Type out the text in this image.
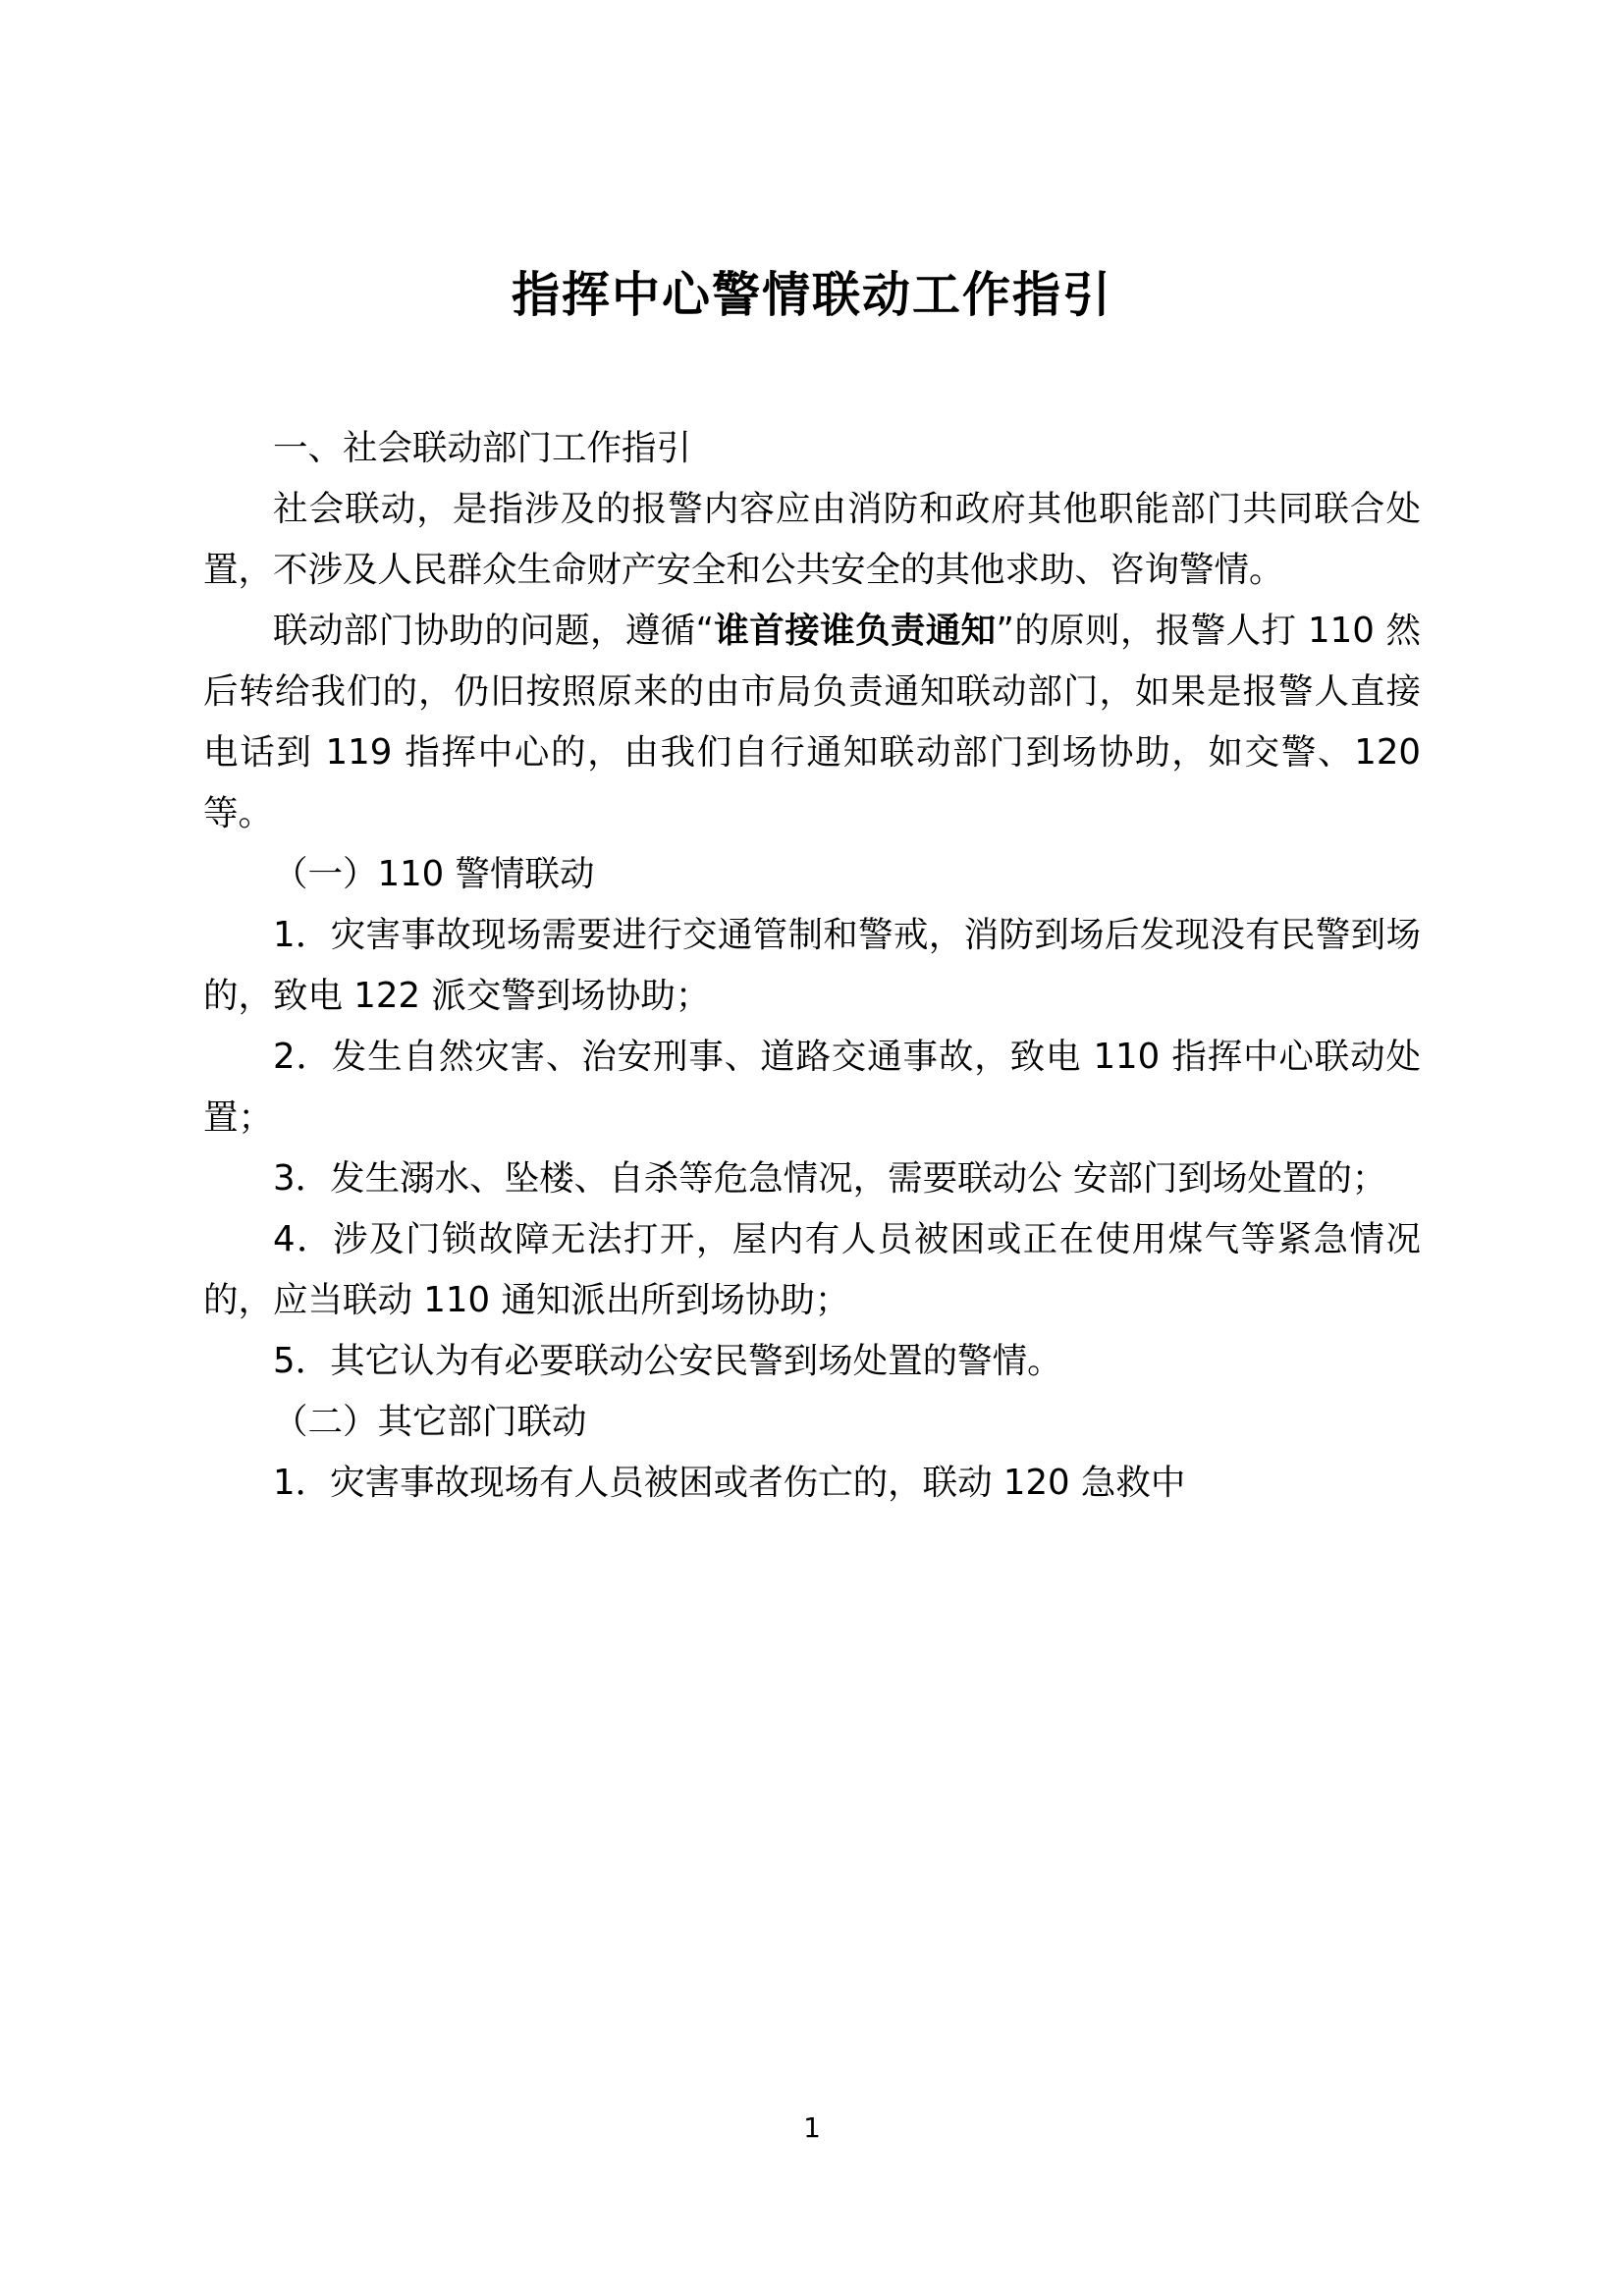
指挥中心警情联动工作指引

一、社会联动部门工作指引

社会联动，是指涉及的报警内容应由消防和政府其他职能部门共同联合处置，不涉及人民群众生命财产安全和公共安全的其他求助、咨询警情。

联动部门协助的问题，遵循“谁首接谁负责通知”的原则，报警人打 110 然后转给我们的，仍旧按照原来的由市局负责通知联动部门，如果是报警人直接电话到 119 指挥中心的，由我们自行通知联动部门到场协助，如交警、120 等。

（一）110 警情联动

1．灾害事故现场需要进行交通管制和警戒，消防到场后发现没有民警到场的，致电 122 派交警到场协助；

2．发生自然灾害、治安刑事、道路交通事故，致电 110 指挥中心联动处置；

3．发生溺水、坠楼、自杀等危急情况，需要联动公 安部门到场处置的；

4．涉及门锁故障无法打开，屋内有人员被困或正在使用煤气等紧急情况的，应当联动 110 通知派出所到场协助；

5．其它认为有必要联动公安民警到场处置的警情。

（二）其它部门联动

1．灾害事故现场有人员被困或者伤亡的，联动 120 急救中

1
